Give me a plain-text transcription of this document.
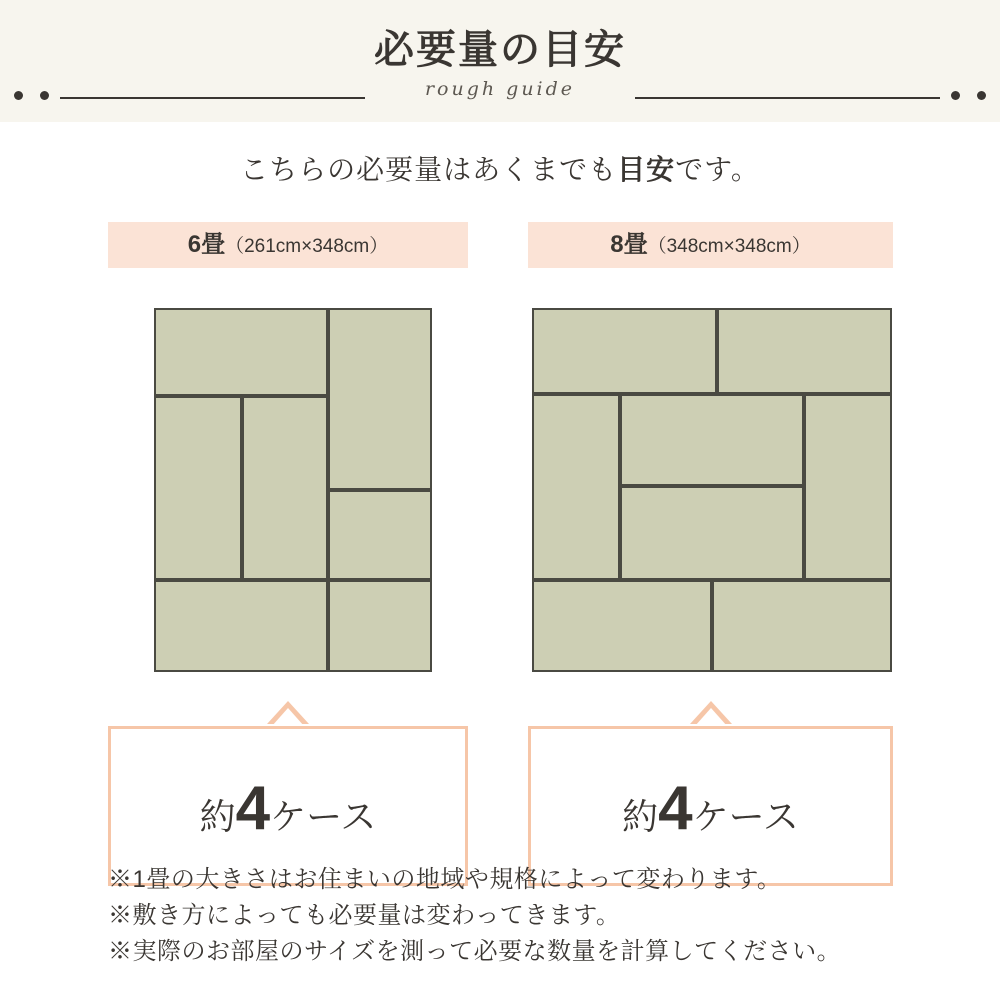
必要量の目安
rough guide
こちらの必要量はあくまでも目安です。
6畳（261cm×348cm）
約4ケース
8畳（348cm×348cm）
約4ケース
※1畳の大きさはお住まいの地域や規格によって変わります。
※敷き方によっても必要量は変わってきます。
※実際のお部屋のサイズを測って必要な数量を計算してください。
